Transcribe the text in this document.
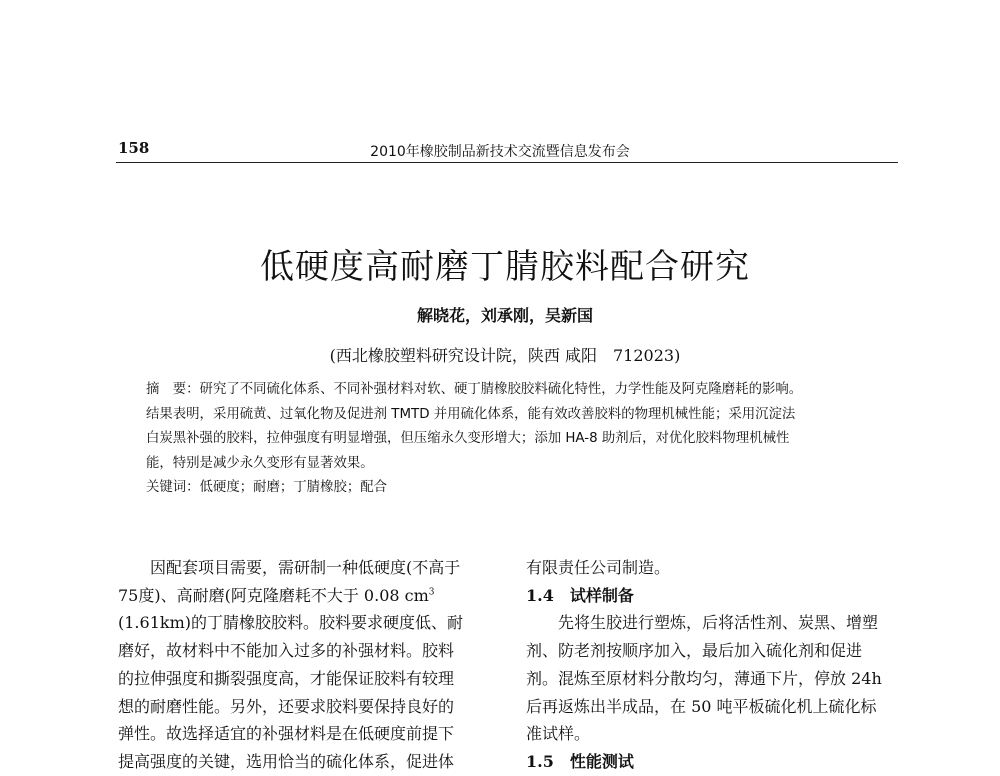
158	2010年橡胶制品新技术交流暨信息发布会
低硬度高耐磨丁腈胶料配合研究
解晓花，刘承刚，吴新国
(西北橡胶塑料研究设计院，陕西 咸阳　712023)
摘　要：研究了不同硫化体系、不同补强材料对软、硬丁腈橡胶胶料硫化特性，力学性能及阿克隆磨耗的影响。
结果表明，采用硫黄、过氧化物及促进剂 TMTD 并用硫化体系，能有效改善胶料的物理机械性能；采用沉淀法
白炭黑补强的胶料，拉伸强度有明显增强，但压缩永久变形增大；添加 HA-8 助剂后，对优化胶料物理机械性
能，特别是减少永久变形有显著效果。
关键词：低硬度；耐磨；丁腈橡胶；配合
　　因配套项目需要，需研制一种低硬度(不高于
75度)、高耐磨(阿克隆磨耗不大于 0.08 $cm^3$
(1.61km)的丁腈橡胶胶料。胶料要求硬度低、耐
磨好，故材料中不能加入过多的补强材料。胶料
的拉伸强度和撕裂强度高，才能保证胶料有较理
想的耐磨性能。另外，还要求胶料要保持良好的
弹性。故选择适宜的补强材料是在低硬度前提下
提高强度的关键，选用恰当的硫化体系，促进体
有限责任公司制造。
1.4　试样制备
　　先将生胶进行塑炼，后将活性剂、炭黑、增塑
剂、防老剂按顺序加入，最后加入硫化剂和促进
剂。混炼至原材料分散均匀，薄通下片，停放 24h
后再返炼出半成品，在 50 吨平板硫化机上硫化标
准试样。
1.5　性能测试
